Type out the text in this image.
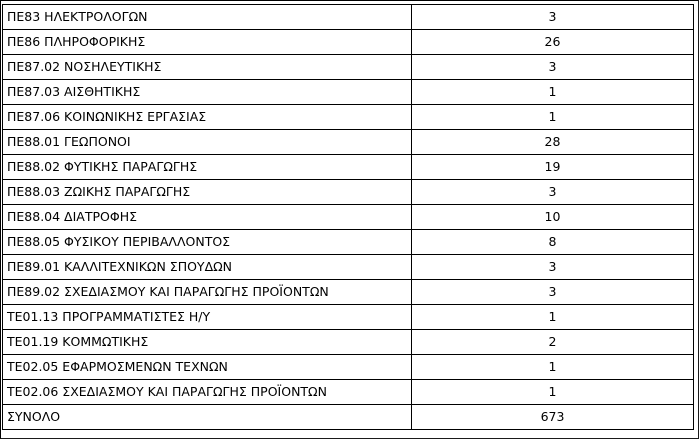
ΠΕ83 ΗΛΕΚΤΡΟΛΟΓΩΝ	3
ΠΕ86 ΠΛΗΡΟΦΟΡΙΚΗΣ	26
ΠΕ87.02 ΝΟΣΗΛΕΥΤΙΚΗΣ	3
ΠΕ87.03 ΑΙΣΘΗΤΙΚΗΣ	1
ΠΕ87.06 ΚΟΙΝΩΝΙΚΗΣ ΕΡΓΑΣΙΑΣ	1
ΠΕ88.01 ΓΕΩΠΟΝΟΙ	28
ΠΕ88.02 ΦΥΤΙΚΗΣ ΠΑΡΑΓΩΓΗΣ	19
ΠΕ88.03 ΖΩΙΚΗΣ ΠΑΡΑΓΩΓΗΣ	3
ΠΕ88.04 ΔΙΑΤΡΟΦΗΣ	10
ΠΕ88.05 ΦΥΣΙΚΟΥ ΠΕΡΙΒΑΛΛΟΝΤΟΣ	8
ΠΕ89.01 ΚΑΛΛΙΤΕΧΝΙΚΩΝ ΣΠΟΥΔΩΝ	3
ΠΕ89.02 ΣΧΕΔΙΑΣΜΟΥ ΚΑΙ ΠΑΡΑΓΩΓΗΣ ΠΡΟΪΟΝΤΩΝ	3
ΤΕ01.13 ΠΡΟΓΡΑΜΜΑΤΙΣΤΕΣ Η/Υ	1
ΤΕ01.19 ΚΟΜΜΩΤΙΚΗΣ	2
ΤΕ02.05 ΕΦΑΡΜΟΣΜΕΝΩΝ ΤΕΧΝΩΝ	1
ΤΕ02.06 ΣΧΕΔΙΑΣΜΟΥ ΚΑΙ ΠΑΡΑΓΩΓΗΣ ΠΡΟΪΟΝΤΩΝ	1
ΣΥΝΟΛΟ	673
